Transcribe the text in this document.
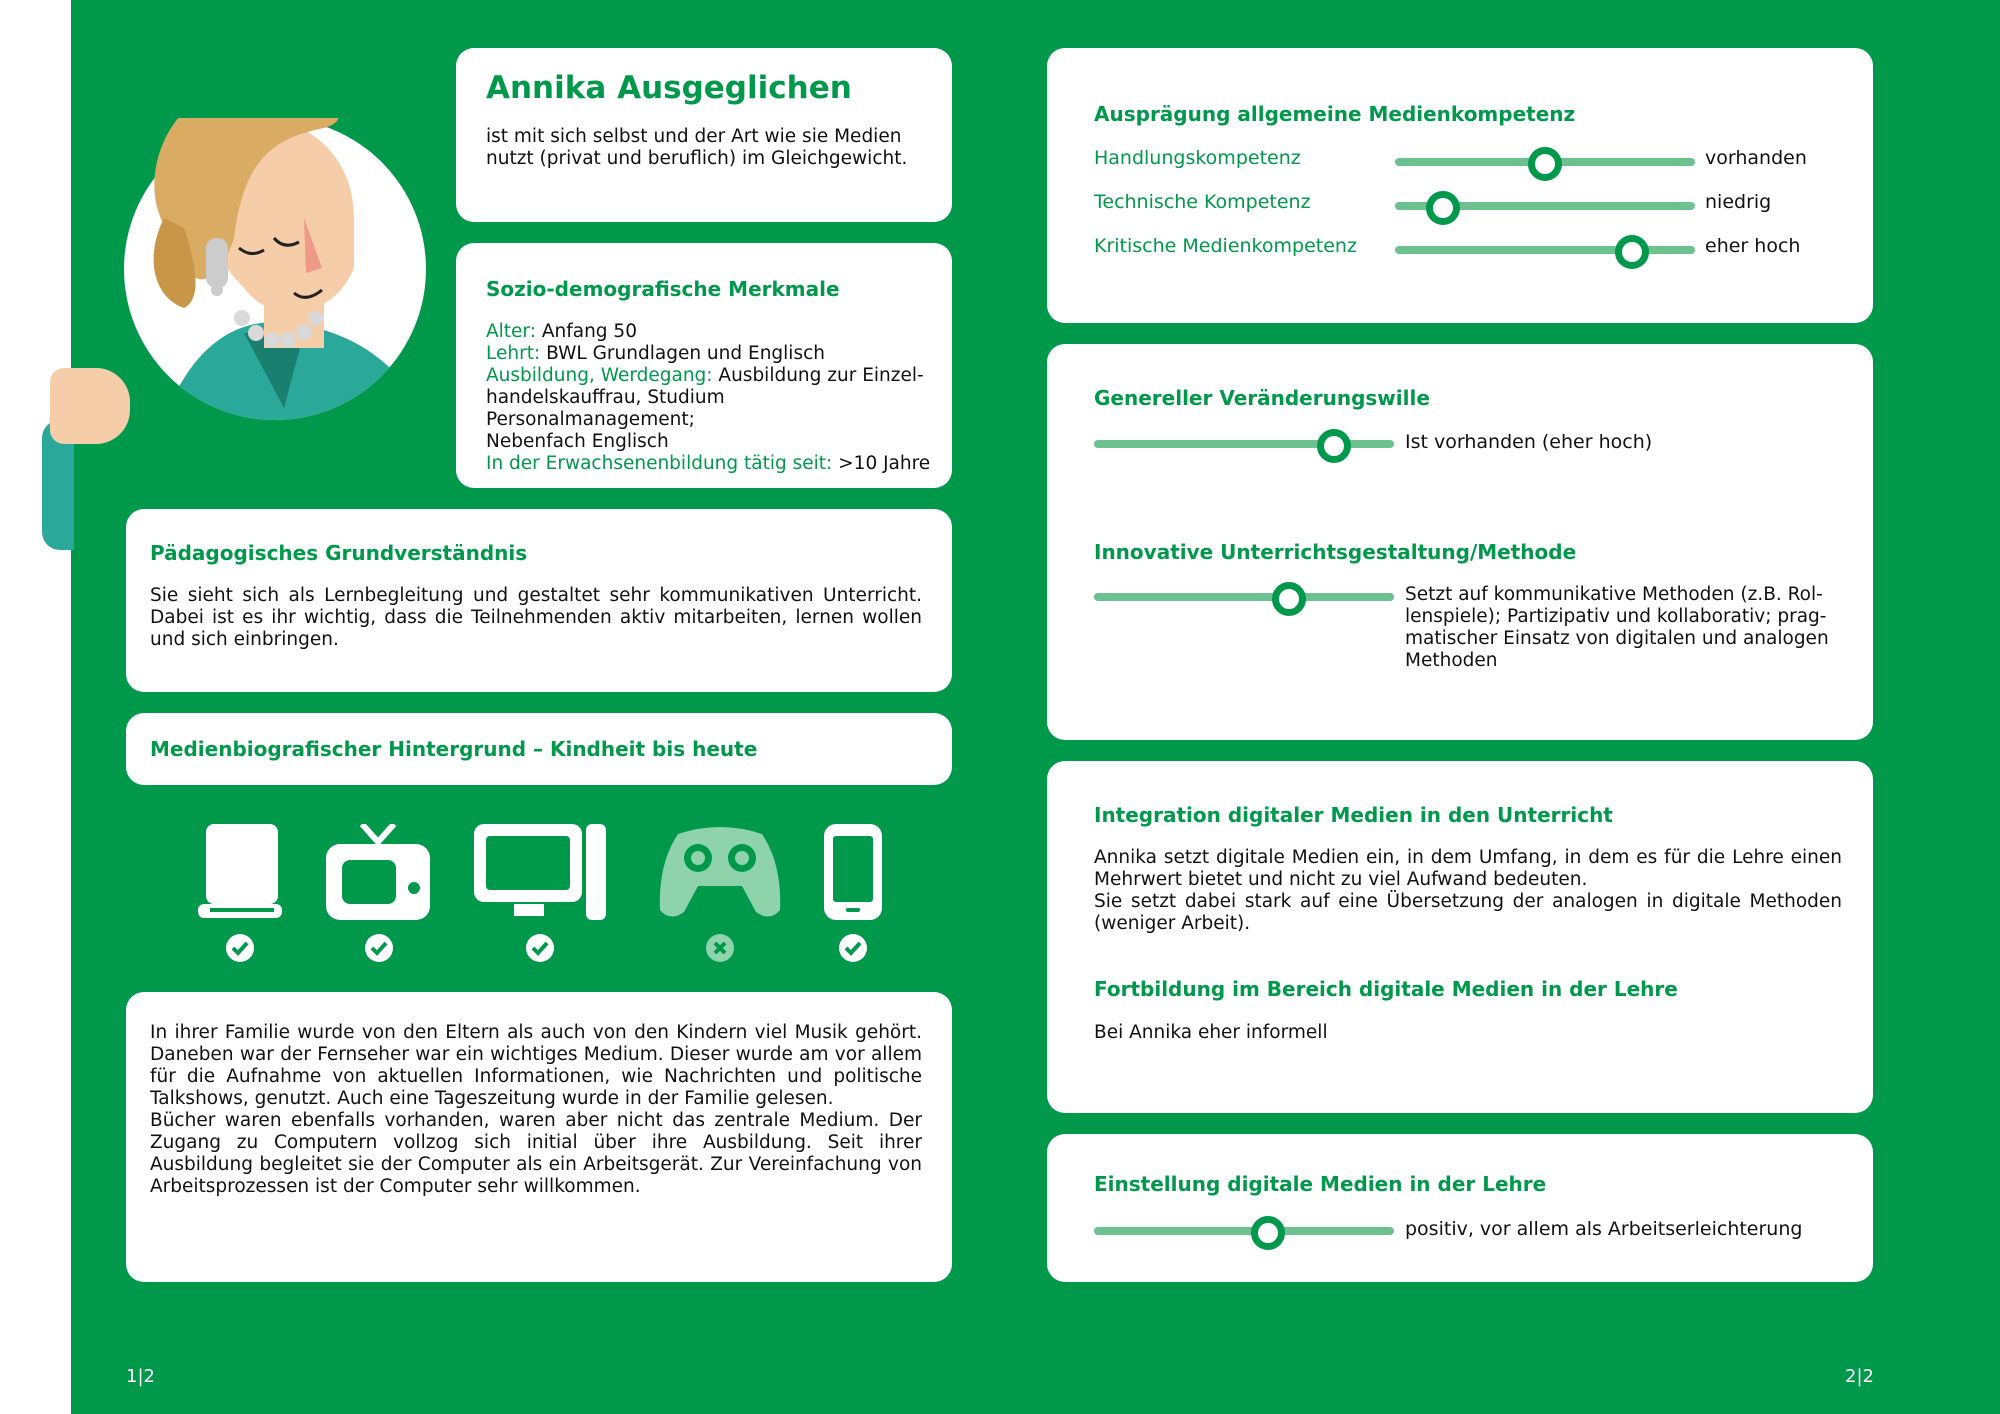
Annika Ausgeglichen
ist mit sich selbst und der Art wie sie Medien nutzt (privat und beruflich) im Gleichgewicht.
Sozio-demografische Merkmale
Alter: Anfang 50
Lehrt: BWL Grundlagen und Englisch
Ausbildung, Werdegang: Ausbildung zur Einzel-
handelskauffrau, Studium Personalmanagement;
Nebenfach Englisch
In der Erwachsenenbildung tätig seit: >10 Jahre
Pädagogisches Grundverständnis
Sie sieht sich als Lernbegleitung und gestaltet sehr kommunikativen Unterricht. Dabei ist es ihr wichtig, dass die Teilnehmenden aktiv mitarbeiten, lernen wollen und sich einbringen.
Medienbiografischer Hintergrund – Kindheit bis heute
In ihrer Familie wurde von den Eltern als auch von den Kindern viel Musik gehört. Daneben war der Fernseher war ein wichtiges Medium. Dieser wurde am vor allem für die Aufnahme von aktuellen Informationen, wie Nachrichten und politische Talkshows, genutzt. Auch eine Tageszeitung wurde in der Familie gelesen.
Bücher waren ebenfalls vorhanden, waren aber nicht das zentrale Medium. Der Zugang zu Computern vollzog sich initial über ihre Ausbildung. Seit ihrer Ausbildung begleitet sie der Computer als ein Arbeitsgerät. Zur Vereinfachung von Arbeitsprozessen ist der Computer sehr willkommen.
Ausprägung allgemeine Medienkompetenz
Handlungskompetenz	vorhanden
Technische Kompetenz	niedrig
Kritische Medienkompetenz	eher hoch
Genereller Veränderungswille
Ist vorhanden (eher hoch)
Innovative Unterrichtsgestaltung/Methode
Setzt auf kommunikative Methoden (z.B. Rol-
lenspiele); Partizipativ und kollaborativ; prag-
matischer Einsatz von digitalen und analogen
Methoden
Integration digitaler Medien in den Unterricht
Annika setzt digitale Medien ein, in dem Umfang, in dem es für die Lehre einen Mehrwert bietet und nicht zu viel Aufwand bedeuten.
Sie setzt dabei stark auf eine Übersetzung der analogen in digitale Methoden (weniger Arbeit).
Fortbildung im Bereich digitale Medien in der Lehre
Bei Annika eher informell
Einstellung digitale Medien in der Lehre
positiv, vor allem als Arbeitserleichterung
1|2	2|2
